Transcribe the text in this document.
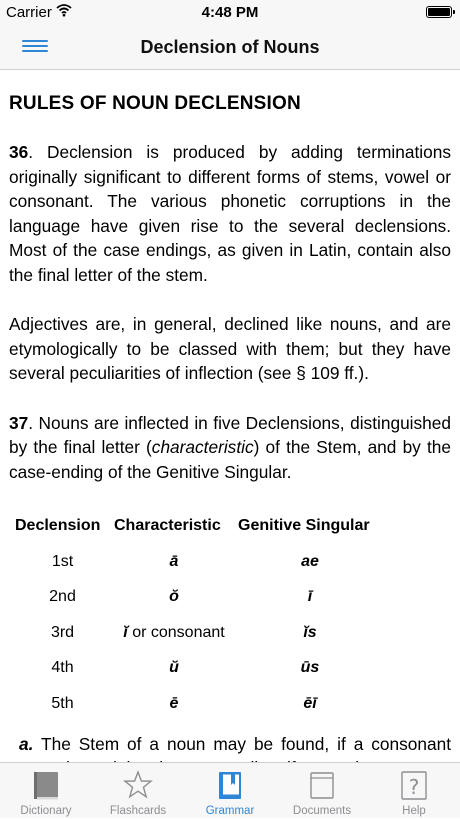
Carrier	4:48 PM
Declension of Nouns
RULES OF NOUN DECLENSION

36. Declension is produced by adding terminations originally significant to different forms of stems, vowel or consonant. The various phonetic corruptions in the language have given rise to the several declensions. Most of the case endings, as given in Latin, contain also the final letter of the stem.

Adjectives are, in general, declined like nouns, and are etymologically to be classed with them; but they have several peculiarities of inflection (see § 109 ff.).

37. Nouns are inflected in five Declensions, distinguished by the final letter (characteristic) of the Stem, and by the case-ending of the Genitive Singular.

Declension	Characteristic	Genitive Singular
1st	ā	ae
2nd	ŏ	ī
3rd	ĭ or consonant	ĭs
4th	ŭ	ūs
5th	ē	ēī

a. The Stem of a noun may be found, if a consonant

Dictionary	Flashcards	Grammar	Documents
?
Help
